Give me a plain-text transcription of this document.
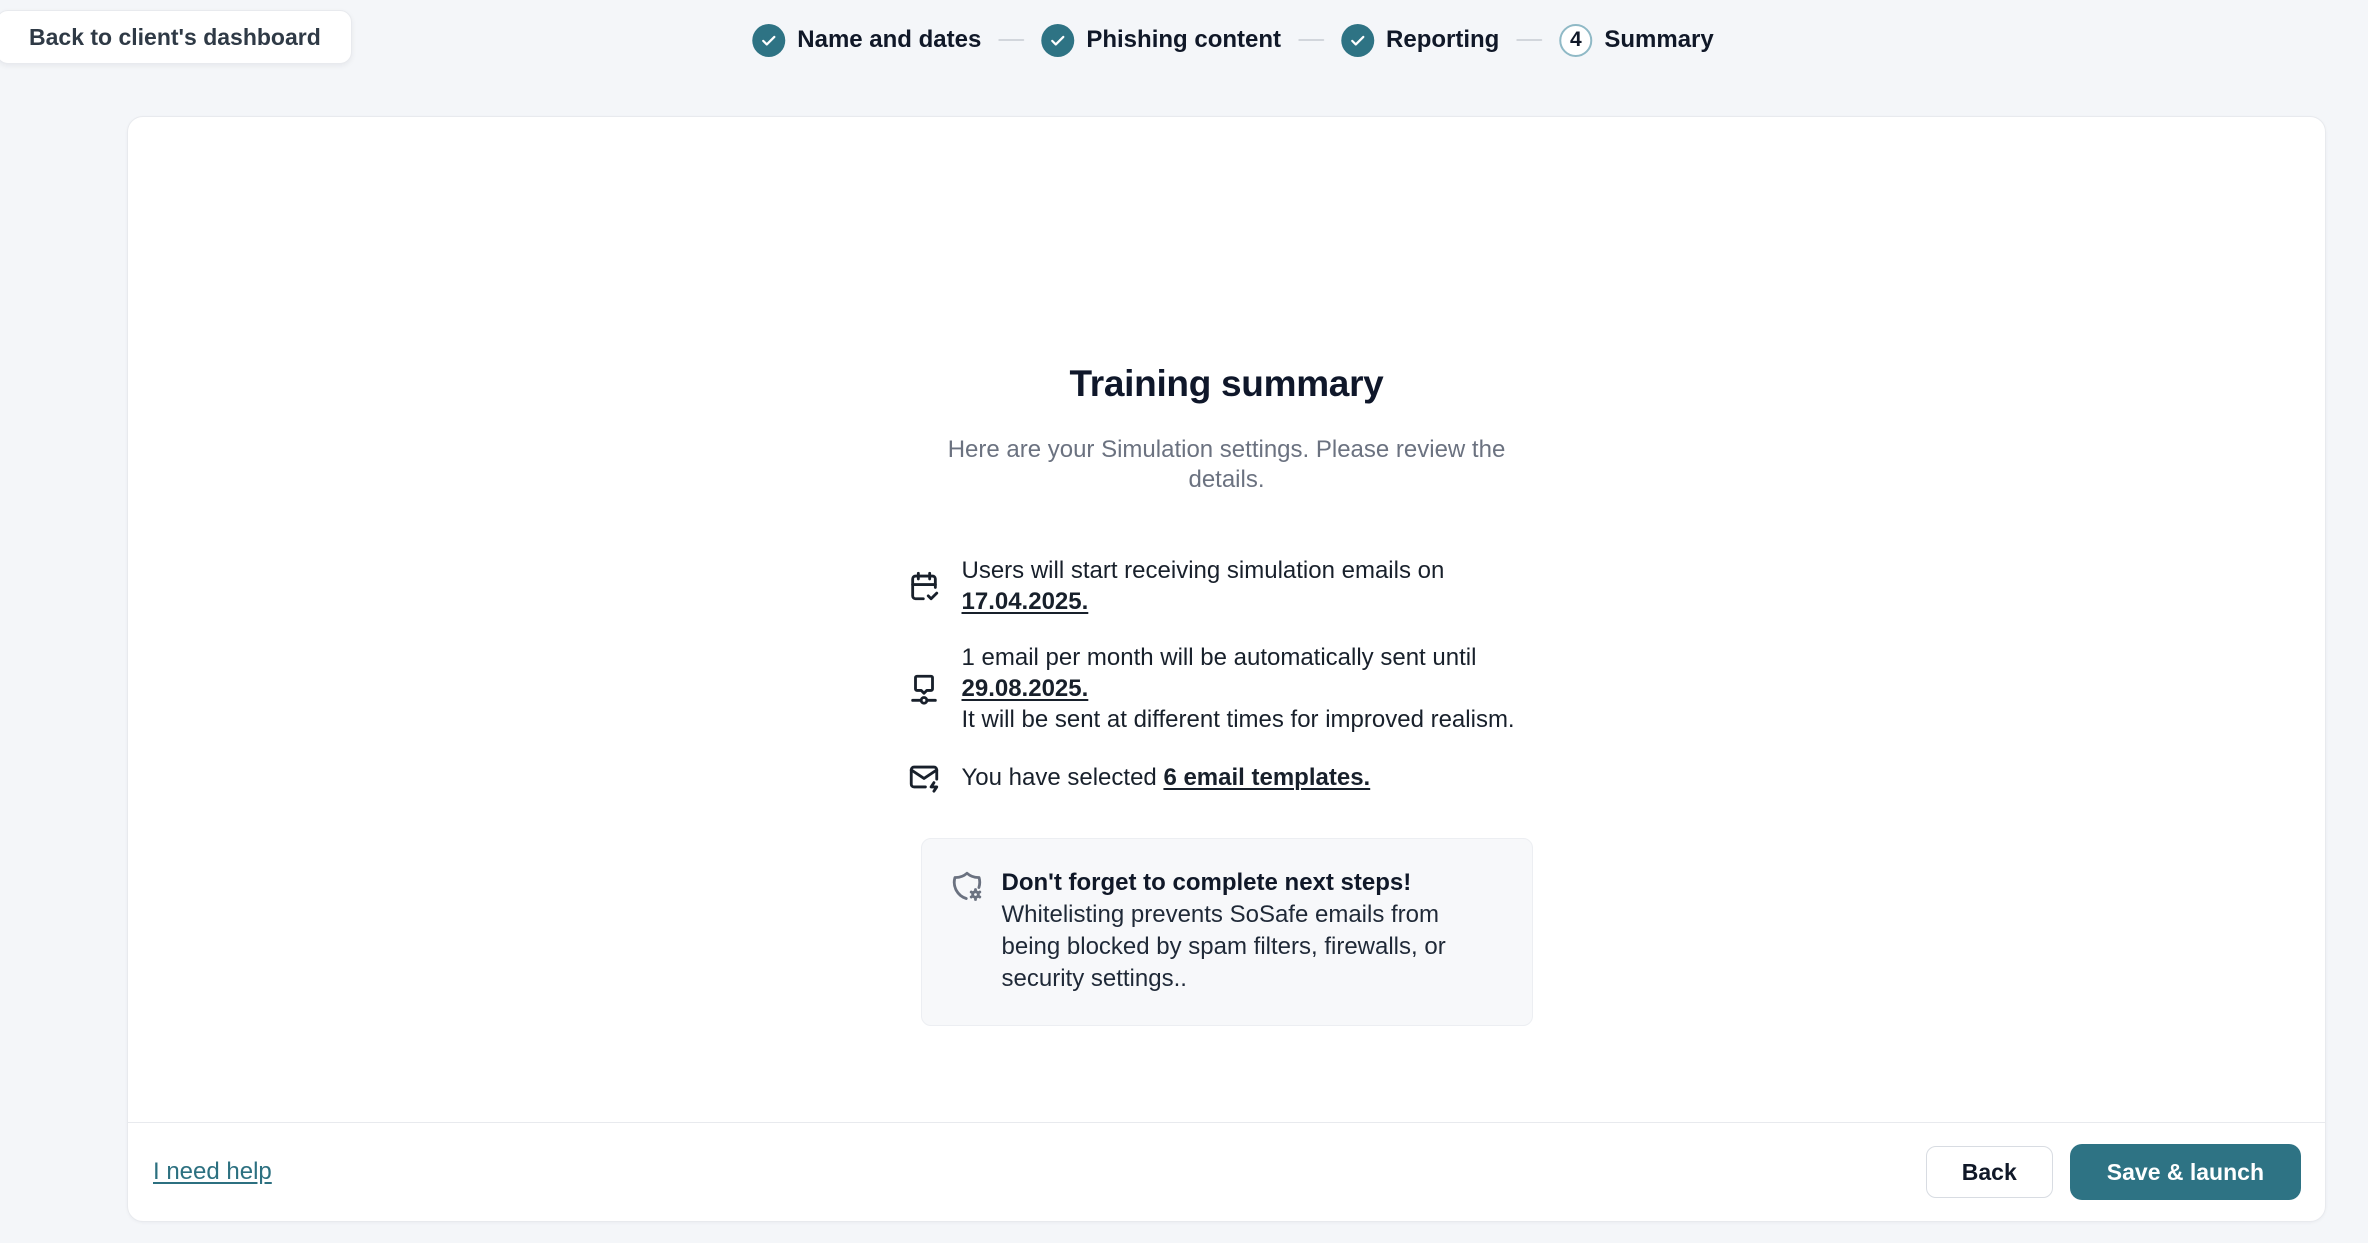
Back to client's dashboard	Name and dates	Phishing content	Reporting	4 Summary
Training summary

Here are your Simulation settings. Please review the details.

Users will start receiving simulation emails on 17.04.2025.

1 email per month will be automatically sent until 29.08.2025.
It will be sent at different times for improved realism.

You have selected 6 email templates.

Don't forget to complete next steps!

Whitelisting prevents SoSafe emails from being blocked by spam filters, firewalls, or security settings..

I need help	Back	Save & launch
